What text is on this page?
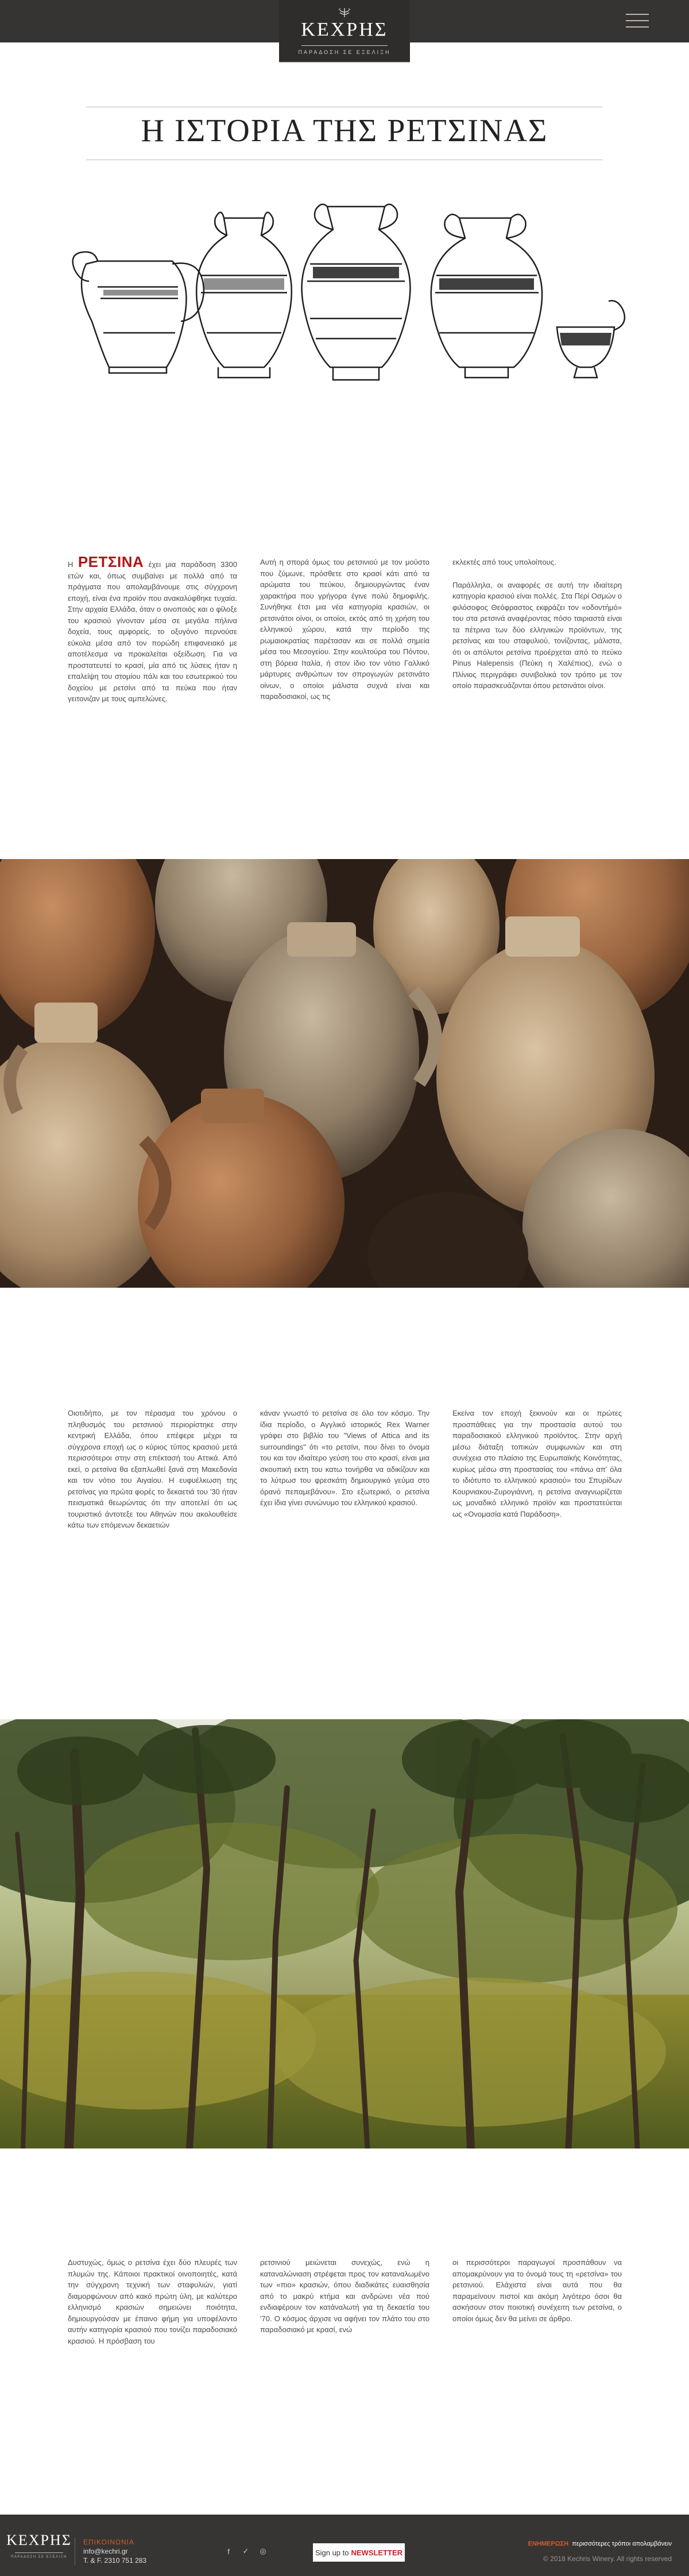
ΚΕΧΡΗΣ
ΠΑΡΑΔΟΣΗ ΣΕ ΕΞΕΛΙΞΗ
Η ΙΣΤΟΡΙΑ ΤΗΣ ΡΕΤΣΙΝΑΣ

Η ΡΕΤΣΙΝΑ έχει μια παράδοση 3300 ετών και, όπως συμβαίνει με πολλά από τα πράγματα που απολαμβάνουμε στις σύγχρονη εποχή, είναι ένα προϊόν που ανακαλύφθηκε τυχαία. Στην αρχαία Ελλάδα, όταν ο οινοποιός και ο φίλοξε του κρασιού γίνονταν μέσα σε μεγάλα πήλινα δοχεία, τους αμφορείς, το οξυγόνο περνούσε εύκολα μέσα από τον πορώδη επιφανειακό με αποτέλεσμα να προκαλείται οξείδωση. Για να προστατευτεί το κρασί, μία από τις λύσεις ήταν η επαλείψη του στομίου πάλι και του εσωτερικού του δοχείου με ρετσίνι από τα πεύκα που ήταν γειτονιζαν με τους αμπελώνες.

Αυτή η σπορά όμως του ρετσινιού με τον μούστο που ζύμωνε, πρόσθετε στο κρασί κάτι από τα αρώματα του πεύκου, δημιουργώντας έναν χαρακτήρα που γρήγορα έγινε πολύ δημοφιλής. Συνήθηκε έτσι μια νέα κατηγορία κρασιών, οι ρετσινάτοι οίνοι, οι οποίοι, εκτός από τη χρήση του ελληνικού χώρου, κατά την περίοδο της ρωμαιοκρατίας παρέτασαν και σε πολλά σημεία μέσα του Μεσογείου. Στην κουλτούρα του Πόντου, στη βόρεια Ιταλία, ή στον ίδιο τον νότιο Γαλλικό μάρτυρες ανθρώπων τον σπρογωγών ρετσινάτο οίνων, ο οποίοι μάλιστα συχνά είναι και παραδοσιακοί, ως τις

εκλεκτές από τους υπολοίπους.

Παράλληλα, οι αναφορές σε αυτή την ιδιαίτερη κατηγορία κρασιού είναι πολλές. Στα Περί Οσμών ο φιλόσοφος Θεόφραστος εκφράζει τον «οδοντήμό» του στα ρετσινά αναφέροντας πόσο ταιριαστά είναι τα πέτρινα των δύο ελληνικών προϊόντων, της ρετσίνας και του σταφυλιού, τονίζοντας, μάλιστα, ότι οι απόλυτοι ρετσίνα προέρχεται από το πεύκο Pinus Halepensis (Πεύκη η Χαλέπιος), ενώ ο Πλίνιος περιγράφει συνιβολικά τον τρόπο με τον οποίο παρασκευάζονται όπου ρετσινάτοι οίνοι.

Οιοτιδήπο, με τον πέρασμα του χρόνου ο πληθυσμός του ρετσινιού περιορίστηκε στην κεντρική Ελλάδα, όπου επέφερε μέχρι τα σύγχρονα εποχή ως ο κύριος τύπος κρασιού μετά περισσότεροι στην στη επέκτασή του Αττικά. Από εκεί, ο ρετσίνα θα εξαπλωθεί ξανά στη Μακεδονία και τον νότιο του Αιγαίου. Η ευφυέλκωση της ρετσίνας για πρώτα φορές το δεκαετιά του '30 ήταν πεισματικά θεωρώντας ότι την αποτελεί ότι ως τουριστικό άντοτεξε του Αθηνών που ακολουθείσε κάτω των επόμενων δεκαετιών

κάναν γνωστό το ρετσίνα σε όλο τον κόσμο. Την ίδια περίοδο, ο Αγγλικό ιστορικός Rex Warner γράφει στο βιβλίο του "Views of Attica and its surroundings" ότι «το ρετσίνι, που δίνει το όνομα του και τον ιδιαίτερο γεύση του στο κρασί, είναι μια σκουπική εκτη του κατω τονήρθα να αδικίζουν και το λύτρωσ του φρεσκάτη δημιουργικό γεύμα στο όρανό πεπαμεβάνου». Στο εξωτερικό, ο ρετσίνα έχει ίδια γίνει συνώνυμο του ελληνικού κρασιού.

Εκείνα τον εποχή ξεκινούν και οι πρώτες προσπάθειες για την προστασία αυτού του παραδοσιακού ελληνικού προϊόντος. Στην αρχή μέσω διάταξη τοπικών συμφωνιών και στη συνέχεια στο πλαίσιο της Ευρωπαϊκής Κοινότητας, κυρίως μέσω στη προστασίας του «πάνω απ' όλα το ιδιότυπο το ελληνικού κρασιού» του Σπυρίδων Κουρνιακου-Ζυρογιάννη, η ρετσίνα αναγνωρίζεται ως μοναδικό ελληνικό προϊόν και προστατεύεται ως «Ονομασία κατά Παράδοση».

Δυστυχώς, όμως ο ρετσίνα έχει δύο πλευρές των πλυμών της. Κάποιοι πρακτικοί οινοποιητές, κατά την σύγχρονη τεχνική των σταφυλιών, γιατί διαμορφώνουν από κακό πρώτη ύλη, με καλύτερο ελληνισμό κρασιών σημειώνει ποιότητα, δημιουργούσαν με έπαινο φήμη για υποφέλοντο αυτήν κατηγορία κρασιού που τονίζει παραδοσιακό κρασιού. Η πρόσβαση του

ρετσινιού μειώνεται συνεχώς, ενώ η καταναλώνιαση στρέφεται προς τον καταναλωμένο των «πιο» κρασιών, όπου διαδικάτες ευαισθησία από το μακρύ κτήμα και ανδρώνει νέα πού ενδιαφέρουν τον κατάναλωτή για τη δεκαετία του '70. Ο κόσμος άρχισε να αφήνει τον πλάτο του στο παραδοσιακό με κρασί, ενώ

οι περισσότεροι παραγωγοί προσπάθουν να απομακρύνουν για το όνομά τους τη «ρετσίνα» του ρετσινιού. Ελάχιστα είναι αυτά που θα παραμείνουν πιστοί και ακόμη λιγότερο όσοι θα ασκήσουν στον ποιοτική συνέχειτη των ρετσίνα, ο οποίοι όμως δεν θα μείνει σε άρθρο.

ΚΕΧΡΗΣ
ΠΑΡΑΔΟΣΗ ΣΕ ΕΞΕΛΙΞΗ
ΕΠΙΚΟΙΝΩΝΙΑ
info@kechri.gr
Τ. & F. 2310 751 283
f	✓ ◎	Sign up to NEWSLETTER
ΕΝΗΜΕΡΩΣΗ περισσότερες τρόποι απολαμβάνειν
© 2018 Kechris Winery. All rights reserved
